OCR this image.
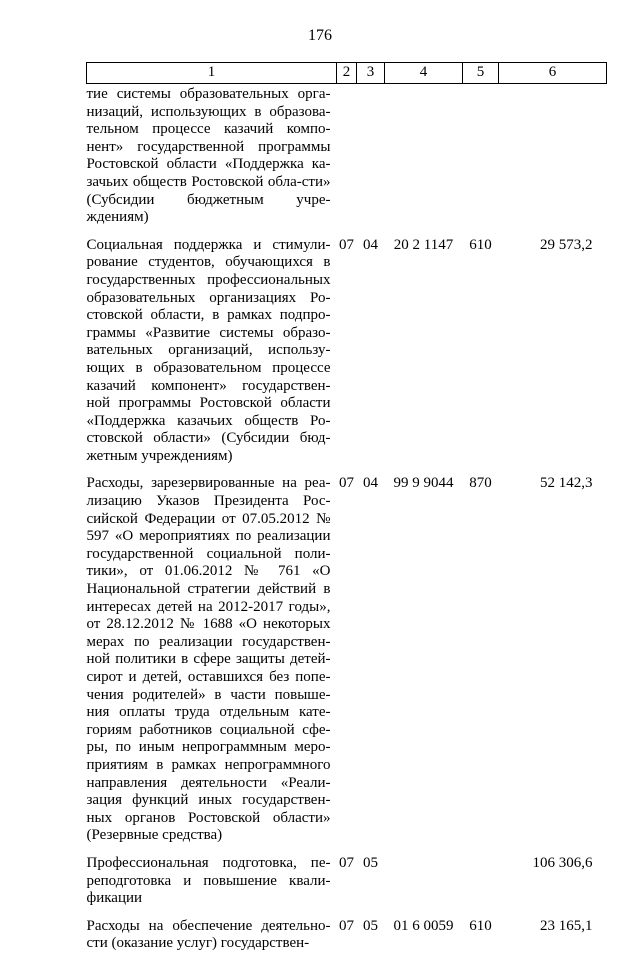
176
1	2	3	4	5	6
тие системы образовательных орга-низаций, использующих в образова-тельном процессе казачий компо-нент» государственной программы Ростовской области «Поддержка ка-зачьих обществ Ростовской обла-сти» (Субсидии бюджетным учре-ждениям)					
Социальная поддержка и стимули-рование студентов, обучающихся в государственных профессиональных образовательных организациях Ро-стовской области, в рамках подпро-граммы «Развитие системы образо-вательных организаций, использу-ющих в образовательном процессе казачий компонент» государствен-ной программы Ростовской области «Поддержка казачьих обществ Ро-стовской области» (Субсидии бюд-жетным учреждениям)	07	04	20 2 1147	610	29 573,2
Расходы, зарезервированные на реа-лизацию Указов Президента Рос-сийской Федерации от 07.05.2012 № 597 «О мероприятиях по реализации государственной социальной поли-тики», от 01.06.2012 № 761 «О Национальной стратегии действий в интересах детей на 2012-2017 годы», от 28.12.2012 № 1688 «О некоторых мерах по реализации государствен-ной политики в сфере защиты детей-сирот и детей, оставшихся без попе-чения родителей» в части повыше-ния оплаты труда отдельным кате-гориям работников социальной сфе-ры, по иным непрограммным меро-приятиям в рамках непрограммного направления деятельности «Реали-зация функций иных государствен-ных органов Ростовской области» (Резервные средства)	07	04	99 9 9044	870	52 142,3
Профессиональная подготовка, пе-реподготовка и повышение квали-фикации	07	05			106 306,6
Расходы на обеспечение деятельно-сти (оказание услуг) государствен-	07	05	01 6 0059	610	23 165,1
